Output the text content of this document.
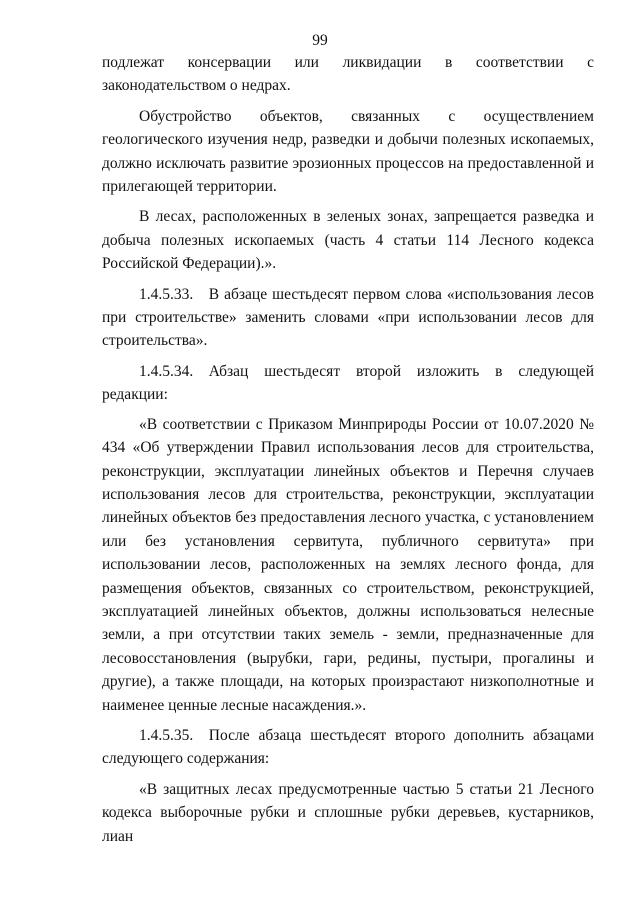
99

подлежат консервации или ликвидации в соответствии с законодательством о недрах.

Обустройство объектов, связанных с осуществлением геологического изучения недр, разведки и добычи полезных ископаемых, должно исключать развитие эрозионных процессов на предоставленной и прилегающей территории.

В лесах, расположенных в зеленых зонах, запрещается разведка и добыча полезных ископаемых (часть 4 статьи 114 Лесного кодекса Российской Федерации).».

1.4.5.33. В абзаце шестьдесят первом слова «использования лесов при строительстве» заменить словами «при использовании лесов для строительства».

1.4.5.34. Абзац шестьдесят второй изложить в следующей редакции:

«В соответствии с Приказом Минприроды России от 10.07.2020 № 434 «Об утверждении Правил использования лесов для строительства, реконструкции, эксплуатации линейных объектов и Перечня случаев использования лесов для строительства, реконструкции, эксплуатации линейных объектов без предоставления лесного участка, с установлением или без установления сервитута, публичного сервитута» при использовании лесов, расположенных на землях лесного фонда, для размещения объектов, связанных со строительством, реконструкцией, эксплуатацией линейных объектов, должны использоваться нелесные земли, а при отсутствии таких земель - земли, предназначенные для лесовосстановления (вырубки, гари, редины, пустыри, прогалины и другие), а также площади, на которых произрастают низкополнотные и наименее ценные лесные насаждения.».

1.4.5.35. После абзаца шестьдесят второго дополнить абзацами следующего содержания:

«В защитных лесах предусмотренные частью 5 статьи 21 Лесного кодекса выборочные рубки и сплошные рубки деревьев, кустарников, лиан
